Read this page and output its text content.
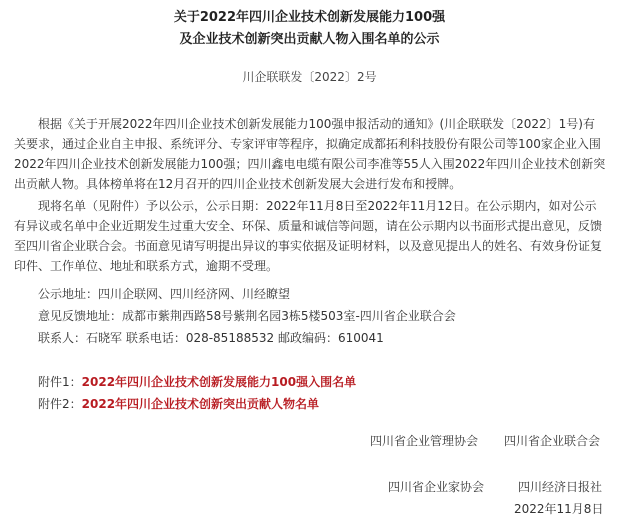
关于2022年四川企业技术创新发展能力100强
及企业技术创新突出贡献人物入围名单的公示
川企联联发〔2022〕2号

根据《关于开展2022年四川企业技术创新发展能力100强申报活动的通知》(川企联联发〔2022〕1号)有关要求，通过企业自主申报、系统评分、专家评审等程序，拟确定成都拓利科技股份有限公司等100家企业入围2022年四川企业技术创新发展能力100强；四川鑫电电缆有限公司李准等55人入围2022年四川企业技术创新突出贡献人物。具体榜单将在12月召开的四川企业技术创新发展大会进行发布和授牌。

现将名单（见附件）予以公示，公示日期：2022年11月8日至2022年11月12日。在公示期内，如对公示有异议或名单中企业近期发生过重大安全、环保、质量和诚信等问题，请在公示期内以书面形式提出意见，反馈至四川省企业联合会。书面意见请写明提出异议的事实依据及证明材料，以及意见提出人的姓名、有效身份证复印件、工作单位、地址和联系方式，逾期不受理。

公示地址：四川企联网、四川经济网、川经瞭望
意见反馈地址：成都市紫荆西路58号紫荆名园3栋5楼503室-四川省企业联合会
联系人：石晓军 联系电话：028-85188532 邮政编码：610041
附件1：2022年四川企业技术创新发展能力100强入围名单
附件2：2022年四川企业技术创新突出贡献人物名单
四川省企业管理协会 四川省企业联合会
四川省企业家协会	四川经济日报社
2022年11月8日
